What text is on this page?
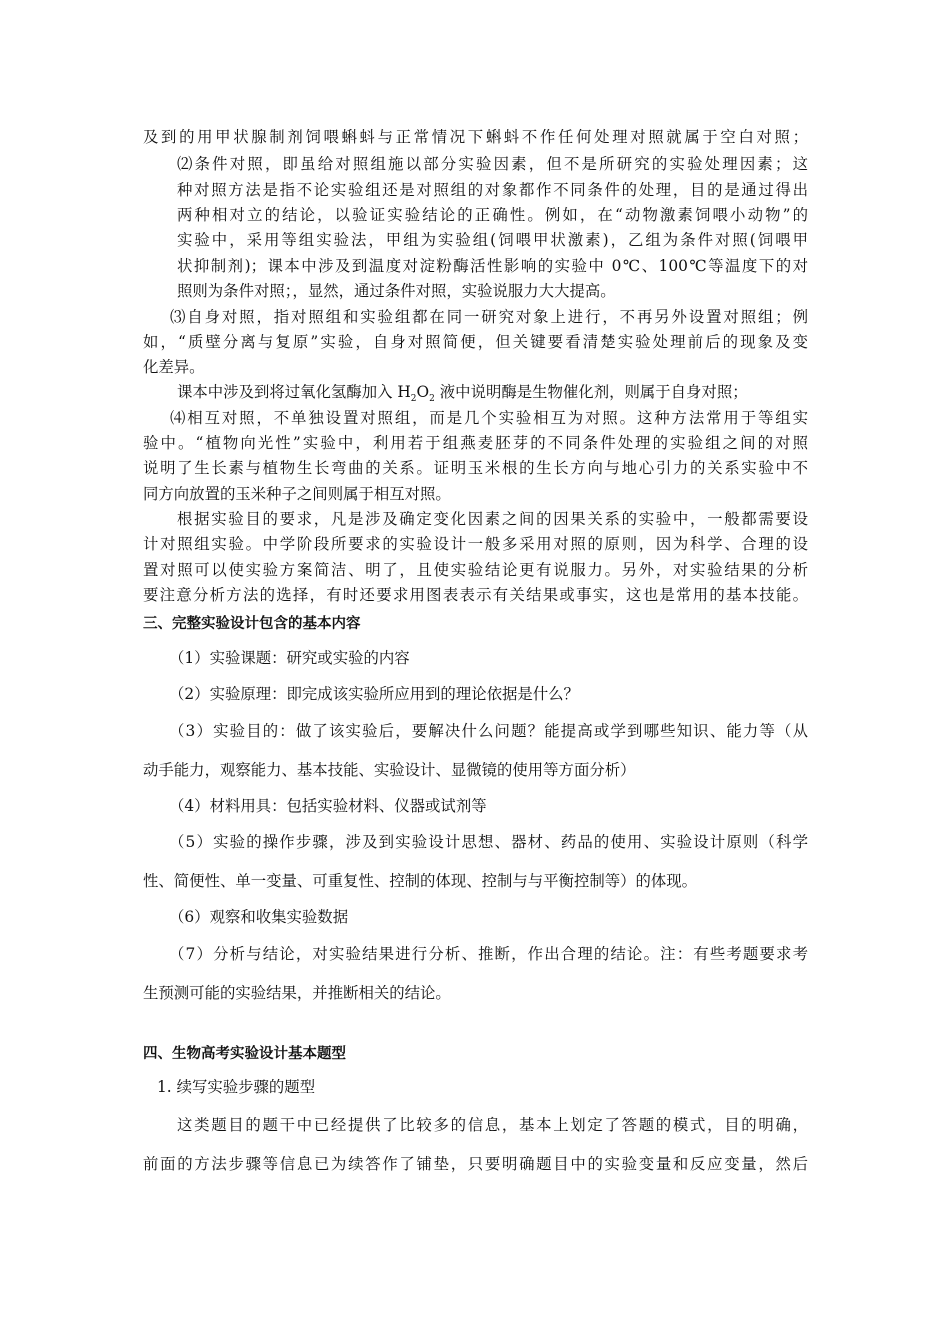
及到的用甲状腺制剂饲喂蝌蚪与正常情况下蝌蚪不作任何处理对照就属于空白对照；
⑵条件对照，即虽给对照组施以部分实验因素，但不是所研究的实验处理因素；这
种对照方法是指不论实验组还是对照组的对象都作不同条件的处理，目的是通过得出
两种相对立的结论，以验证实验结论的正确性。例如，在“动物激素饲喂小动物”的
实验中，采用等组实验法，甲组为实验组(饲喂甲状激素)，乙组为条件对照(饲喂甲
状抑制剂)；课本中涉及到温度对淀粉酶活性影响的实验中 0℃、100℃等温度下的对
照则为条件对照；，显然，通过条件对照，实验说服力大大提高。
⑶自身对照，指对照组和实验组都在同一研究对象上进行，不再另外设置对照组；例
如，“质壁分离与复原”实验，自身对照简便，但关键要看清楚实验处理前后的现象及变
化差异。
课本中涉及到将过氧化氢酶加入 $H_2O_2$ 液中说明酶是生物催化剂，则属于自身对照；
⑷相互对照，不单独设置对照组，而是几个实验相互为对照。这种方法常用于等组实
验中。“植物向光性”实验中，利用若于组燕麦胚芽的不同条件处理的实验组之间的对照
说明了生长素与植物生长弯曲的关系。证明玉米根的生长方向与地心引力的关系实验中不
同方向放置的玉米种子之间则属于相互对照。
根据实验目的要求，凡是涉及确定变化因素之间的因果关系的实验中，一般都需要设
计对照组实验。中学阶段所要求的实验设计一般多采用对照的原则，因为科学、合理的设
置对照可以使实验方案简洁、明了，且使实验结论更有说服力。另外，对实验结果的分析
要注意分析方法的选择，有时还要求用图表表示有关结果或事实，这也是常用的基本技能。
三、完整实验设计包含的基本内容
（1）实验课题：研究或实验的内容
（2）实验原理：即完成该实验所应用到的理论依据是什么？
（3）实验目的：做了该实验后，要解决什么问题？能提高或学到哪些知识、能力等（从
动手能力，观察能力、基本技能、实验设计、显微镜的使用等方面分析）
（4）材料用具：包括实验材料、仪器或试剂等
（5）实验的操作步骤，涉及到实验设计思想、器材、药品的使用、实验设计原则（科学
性、简便性、单一变量、可重复性、控制的体现、控制与与平衡控制等）的体现。
（6）观察和收集实验数据
（7）分析与结论，对实验结果进行分析、推断，作出合理的结论。注：有些考题要求考
生预测可能的实验结果，并推断相关的结论。
四、生物高考实验设计基本题型
1. 续写实验步骤的题型
这类题目的题干中已经提供了比较多的信息，基本上划定了答题的模式，目的明确，
前面的方法步骤等信息已为续答作了铺垫，只要明确题目中的实验变量和反应变量，然后
